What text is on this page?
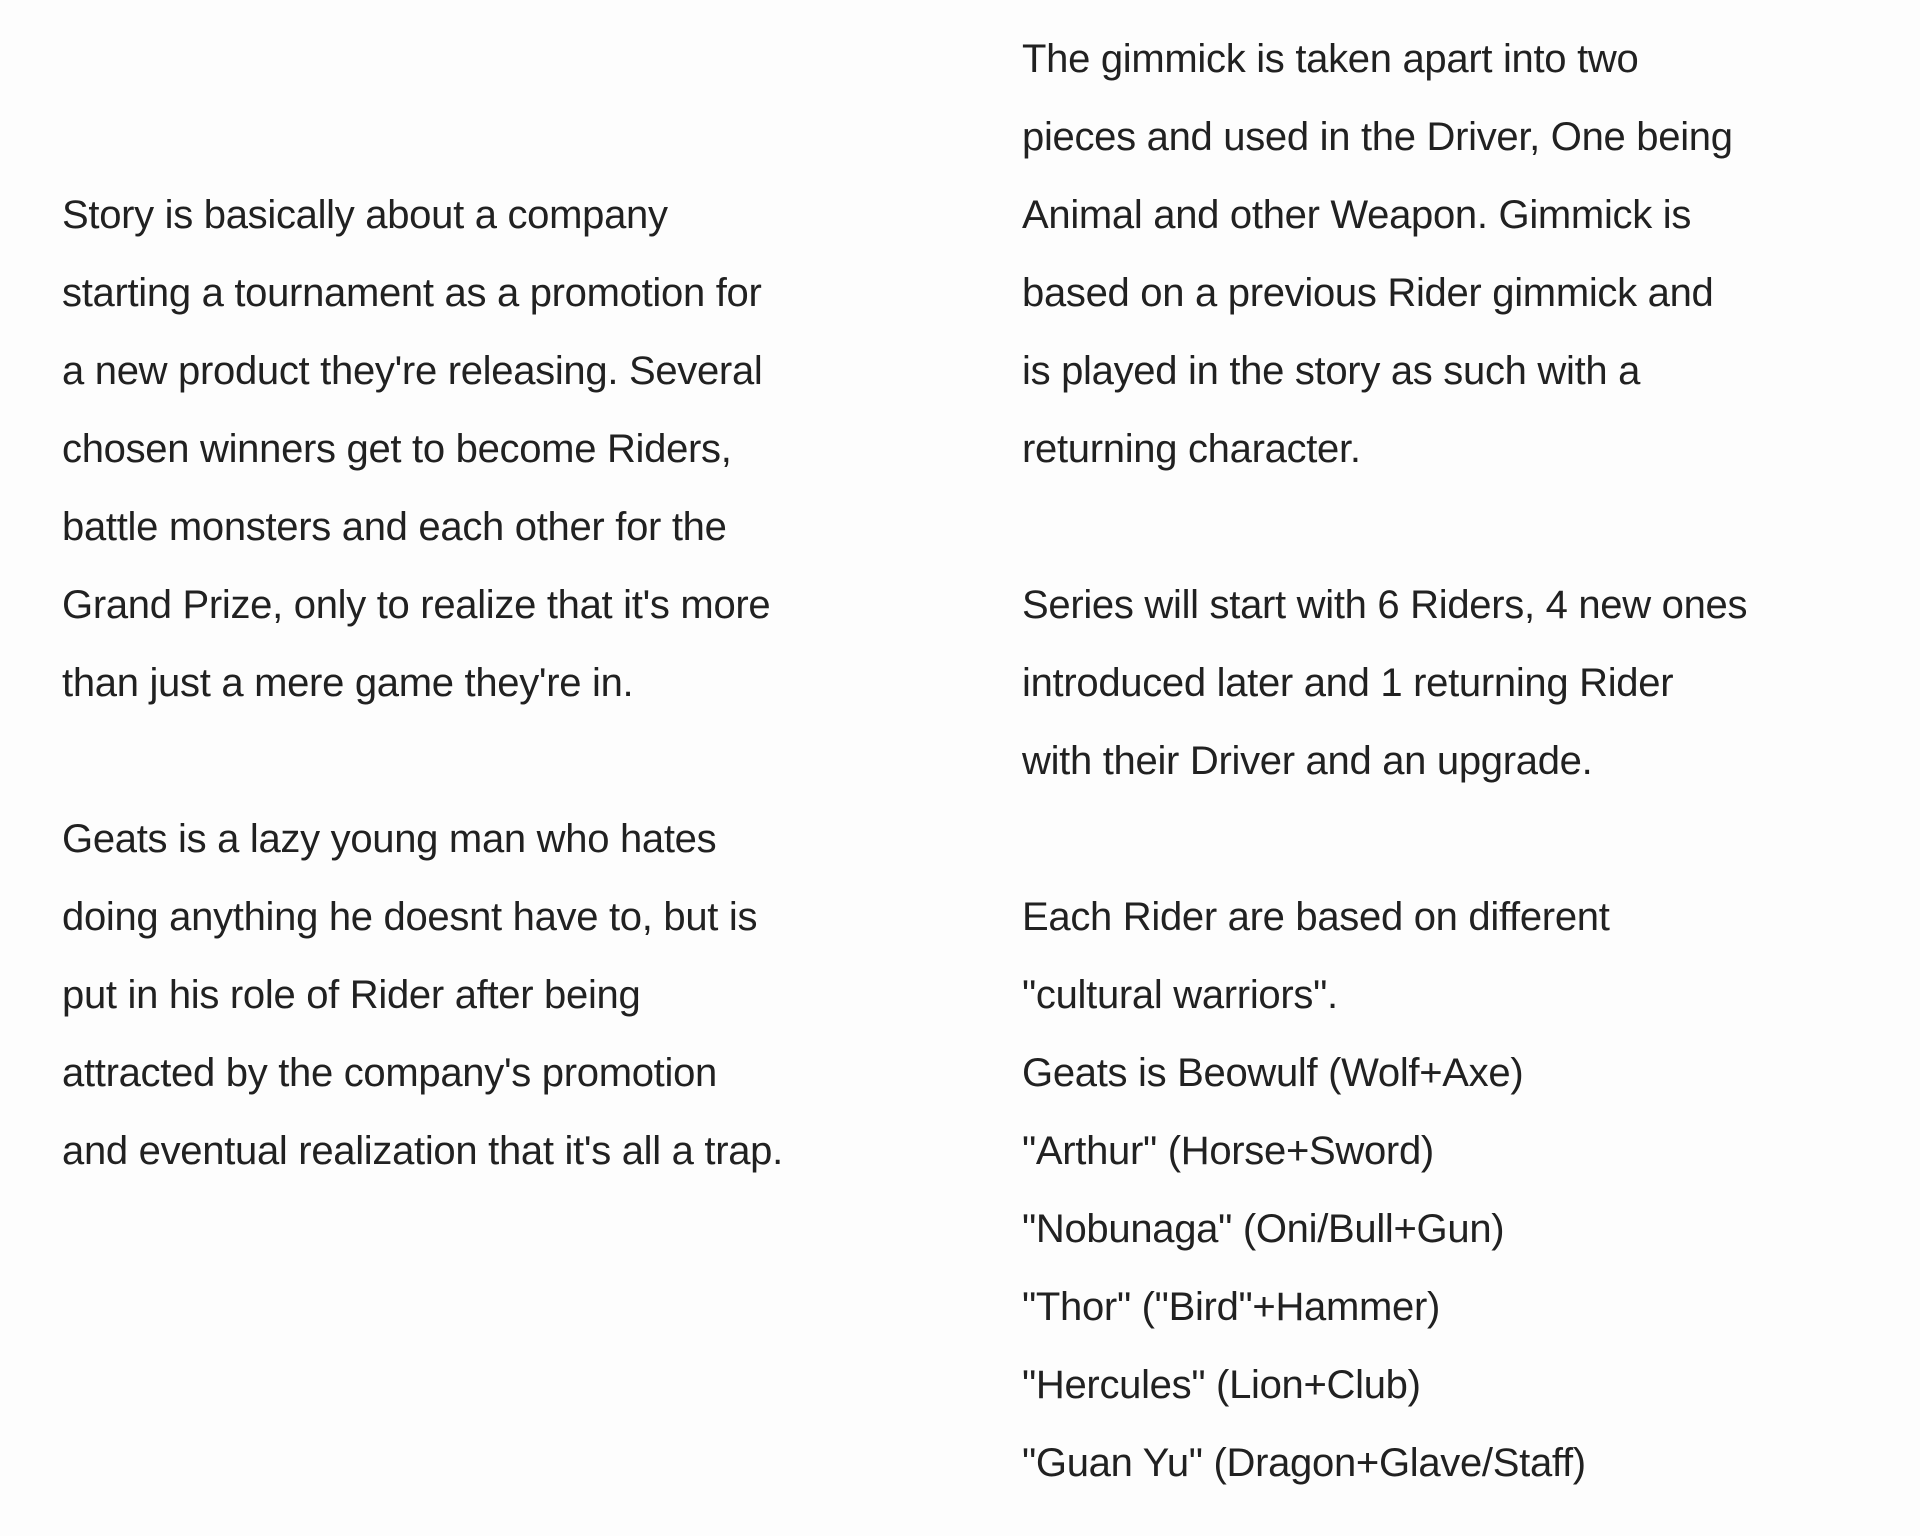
Story is basically about a company
starting a tournament as a promotion for
a new product they're releasing. Several
chosen winners get to become Riders,
battle monsters and each other for the
Grand Prize, only to realize that it's more
than just a mere game they're in.
Geats is a lazy young man who hates
doing anything he doesnt have to, but is
put in his role of Rider after being
attracted by the company's promotion
and eventual realization that it's all a trap.
The gimmick is taken apart into two
pieces and used in the Driver, One being
Animal and other Weapon. Gimmick is
based on a previous Rider gimmick and
is played in the story as such with a
returning character.
Series will start with 6 Riders, 4 new ones
introduced later and 1 returning Rider
with their Driver and an upgrade.
Each Rider are based on different
"cultural warriors".
Geats is Beowulf (Wolf+Axe)
"Arthur" (Horse+Sword)
"Nobunaga" (Oni/Bull+Gun)
"Thor" ("Bird"+Hammer)
"Hercules" (Lion+Club)
"Guan Yu" (Dragon+Glave/Staff)
